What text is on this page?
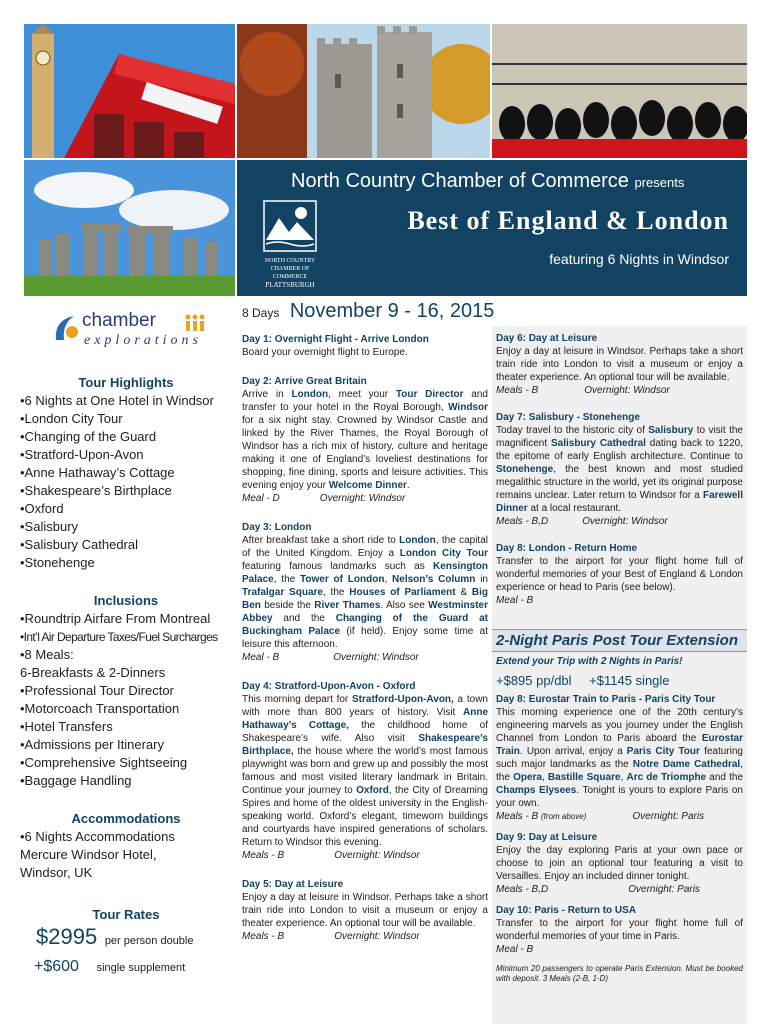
North Country Chamber of Commerce presents
Best of England & London
featuring 6 Nights in Windsor
NORTH COUNTRY
CHAMBER OF COMMERCE
PLATTSBURGH
chamber
explorations
Tour Highlights
•6 Nights at One Hotel in Windsor
•London City Tour
•Changing of the Guard
•Stratford-Upon-Avon
•Anne Hathaway’s Cottage
•Shakespeare’s Birthplace
•Oxford
•Salisbury
•Salisbury Cathedral
•Stonehenge
Inclusions
•Roundtrip Airfare From Montreal
•Int’l Air Departure Taxes/Fuel Surcharges
•8 Meals:
6-Breakfasts & 2-Dinners
•Professional Tour Director
•Motorcoach Transportation
•Hotel Transfers
•Admissions per Itinerary
•Comprehensive Sightseeing
•Baggage Handling
Accommodations
•6 Nights Accommodations
Mercure Windsor Hotel,
Windsor, UK
Tour Rates
$2995 per person double
+$600 single supplement
8 Days November 9 - 16, 2015
Day 1: Overnight Flight - Arrive London
Board your overnight flight to Europe.
Day 2: Arrive Great Britain
Arrive in London, meet your Tour Director and transfer to your hotel in the Royal Borough, Windsor for a six night stay. Crowned by Windsor Castle and linked by the River Thames, the Royal Borough of Windsor has a rich mix of history, culture and heritage making it one of England’s loveliest destinations for shopping, fine dining, sports and leisure activities. This evening enjoy your Welcome Dinner.
Meal - D	Overnight: Windsor
Day 3: London
After breakfast take a short ride to London, the capital of the United Kingdom. Enjoy a London City Tour featuring famous landmarks such as Kensington Palace, the Tower of London, Nelson’s Column in Trafalgar Square, the Houses of Parliament & Big Ben beside the River Thames. Also see Westminster Abbey and the Changing of the Guard at Buckingham Palace (if held). Enjoy some time at leisure this afternoon.
Meal - B	Overnight: Windsor
Day 4: Stratford-Upon-Avon - Oxford
This morning depart for Stratford-Upon-Avon, a town with more than 800 years of history. Visit Anne Hathaway’s Cottage, the childhood home of Shakespeare’s wife. Also visit Shakespeare’s Birthplace, the house where the world’s most famous playwright was born and grew up and possibly the most famous and most visited literary landmark in Britain. Continue your journey to Oxford, the City of Dreaming Spires and home of the oldest university in the English-speaking world. Oxford’s elegant, timeworn buildings and courtyards have inspired generations of scholars. Return to Windsor this evening.
Meals - B	Overnight: Windsor
Day 5: Day at Leisure
Enjoy a day at leisure in Windsor. Perhaps take a short train ride into London to visit a museum or enjoy a theater experience. An optional tour will be available.
Meals - B	Overnight: Windsor
Day 6: Day at Leisure
Enjoy a day at leisure in Windsor. Perhaps take a short train ride into London to visit a museum or enjoy a theater experience. An optional tour will be available.
Meals - B	Overnight: Windsor
Day 7: Salisbury - Stonehenge
Today travel to the historic city of Salisbury to visit the magnificent Salisbury Cathedral dating back to 1220, the epitome of early English architecture. Continue to Stonehenge, the best known and most studied megalithic structure in the world, yet its original purpose remains unclear. Later return to Windsor for a Farewell Dinner at a local restaurant.
Meals - B,D	Overnight: Windsor
Day 8: London - Return Home
Transfer to the airport for your flight home full of wonderful memories of your Best of England & London experience or head to Paris (see below).
Meal - B
2-Night Paris Post Tour Extension
Extend your Trip with 2 Nights in Paris!
+$895 pp/dbl +$1145 single
Day 8: Eurostar Train to Paris - Paris City Tour
This morning experience one of the 20th century’s engineering marvels as you journey under the English Channel from London to Paris aboard the Eurostar Train. Upon arrival, enjoy a Paris City Tour featuring such major landmarks as the Notre Dame Cathedral, the Opera, Bastille Square, Arc de Triomphe and the Champs Elysees. Tonight is yours to explore Paris on your own.
Meals - B (from above)	Overnight: Paris
Day 9: Day at Leisure
Enjoy the day exploring Paris at your own pace or choose to join an optional tour featuring a visit to Versailles. Enjoy an included dinner tonight.
Meals - B,D	Overnight: Paris
Day 10: Paris - Return to USA
Transfer to the airport for your flight home full of wonderful memories of your time in Paris.
Meal - B
Minimum 20 passengers to operate Paris Extension. Must be booked with deposit. 3 Meals (2-B, 1-D)
